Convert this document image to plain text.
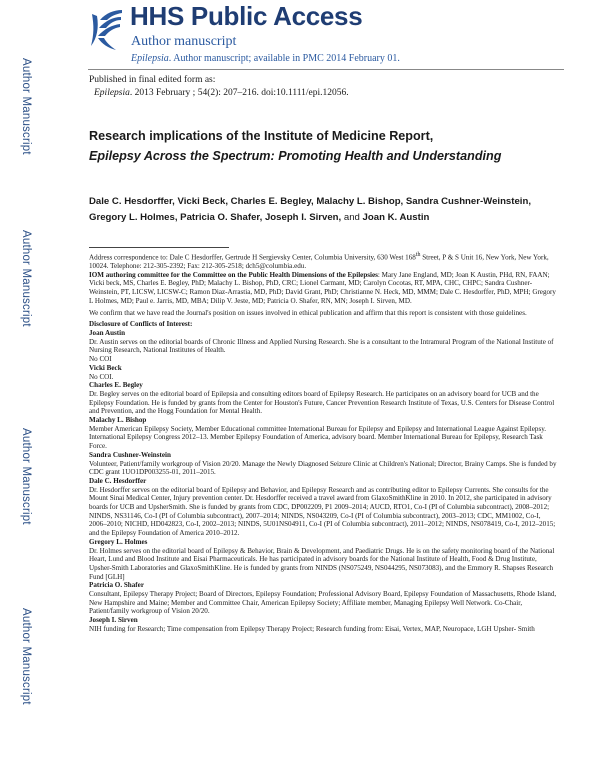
Author Manuscript
Author Manuscript
Author Manuscript
Author Manuscript
HHS Public Access
Author manuscript
Epilepsia. Author manuscript; available in PMC 2014 February 01.
Published in final edited form as:
Epilepsia. 2013 February ; 54(2): 207–216. doi:10.1111/epi.12056.
Research implications of the Institute of Medicine Report,
Epilepsy Across the Spectrum: Promoting Health and Understanding
Dale C. Hesdorffer, Vicki Beck, Charles E. Begley, Malachy L. Bishop, Sandra Cushner-Weinstein, Gregory L. Holmes, Patricia O. Shafer, Joseph I. Sirven, and Joan K. Austin

Address correspondence to: Dale C Hesdorffer, Gertrude H Sergievsky Center, Columbia University, 630 West 168th Street, P & S Unit 16, New York, New York, 10024. Telephone: 212-305-2392; Fax: 212-305-2518; dch5@columbia.edu.

IOM authoring committee for the Committee on the Public Health Dimensions of the Epilepsies: Mary Jane England, MD; Joan K Austin, PHd, RN, FAAN; Vicki beck, MS, Charles E. Begley, PhD; Malachy L. Bishop, PhD, CRC; Lionel Carmant, MD; Carolyn Cocotas, RT, MPA, CHC, CHPC; Sandra Cushner-Weinstein, PT, LICSW, LICSW-C; Ramon Diaz-Arrastia, MD, PhD; David Grant, PhD; Christianne N. Heck, MD, MMM; Dale C. Hesdorffer, PhD, MPH; Gregory L Holmes, MD; Paul e. Jarris, MD, MBA; Dilip V. Jeste, MD; Patricia O. Shafer, RN, MN; Joseph I. Sirven, MD.

We confirm that we have read the Journal's position on issues involved in ethical publication and affirm that this report is consistent with those guidelines.

Disclosure of Conflicts of Interest:

Joan Austin

Dr. Austin serves on the editorial boards of Chronic Illness and Applied Nursing Research. She is a consultant to the Intramural Program of the National Institute of Nursing Research, National Institutes of Health.

No COI

Vicki Beck

No COI.

Charles E. Begley

Dr. Begley serves on the editorial board of Epilepsia and consulting editors board of Epilepsy Research. He participates on an advisory board for UCB and the Epilepsy Foundation. He is funded by grants from the Center for Houston's Future, Cancer Prevention Research Institute of Texas, U.S. Centers for Disease Control and Prevention, and the Hogg Foundation for Mental Health.

Malachy L. Bishop

Member American Epilepsy Society, Member Educational committee International Bureau for Epilepsy and Epilepsy and International League Against Epilepsy. International Epilepsy Congress 2012–13. Member Epilepsy Foundation of America, advisory board. Member International Bureau for Epilepsy, Research Task Force.

Sandra Cushner-Weinstein

Volunteer, Patient/family workgroup of Vision 20/20. Manage the Newly Diagnosed Seizure Clinic at Children's National; Director, Brainy Camps. She is funded by CDC grant 1UO1DP003255-01, 2011–2015.

Dale C. Hesdorffer

Dr. Hesdorffer serves on the editorial board of Epilepsy and Behavior, and Epilepsy Research and as contributing editor to Epilepsy Currents. She consults for the Mount Sinai Medical Center, Injury prevention center. Dr. Hesdorffer received a travel award from GlaxoSmithKline in 2010. In 2012, she participated in advisory boards for UCB and UpsherSmith. She is funded by grants from CDC, DP002209, P1 2009–2014; AUCD, RTO1, Co-I (PI of Columbia subcontract), 2008–2012; NINDS, NS31146, Co-I (PI of Columbia subcontract), 2007–2014; NINDS, NS043209, Co-I (PI of Columbia subcontract), 2003–2013; CDC, MM1002, Co-I, 2006–2010; NICHD, HD042823, Co-I, 2002–2013; NINDS, 5U01NS04911, Co-I (PI of Columbia subcontract), 2011–2012; NINDS, NS078419, Co-I, 2012–2015; and the Epilepsy Foundation of America 2010–2012.

Gregory L. Holmes

Dr. Holmes serves on the editorial board of Epilepsy & Behavior, Brain & Development, and Paediatric Drugs. He is on the safety monitoring board of the National Heart, Lund and Blood Institute and Eisai Pharmaceuticals. He has participated in advisory boards for the National Institute of Health, Food & Drug Institute, Upsher-Smith Laboratories and GlaxoSmithKline. He is funded by grants from NINDS (NS075249, NS044295, NS073083), and the Emmory R. Shapses Research Fund [GLH]

Patricia O. Shafer

Consultant, Epilepsy Therapy Project; Board of Directors, Epilepsy Foundation; Professional Advisory Board, Epilepsy Foundation of Massachusetts, Rhode Island, New Hampshire and Maine; Member and Committee Chair, American Epilepsy Society; Affiliate member, Managing Epilepsy Well Network. Co-Chair, Patient/family workgroup of Vision 20/20.

Joseph I. Sirven

NIH funding for Research; Time compensation from Epilepsy Therapy Project; Research funding from: Eisai, Vertex, MAP, Neuropace, LGH Upsher- Smith
